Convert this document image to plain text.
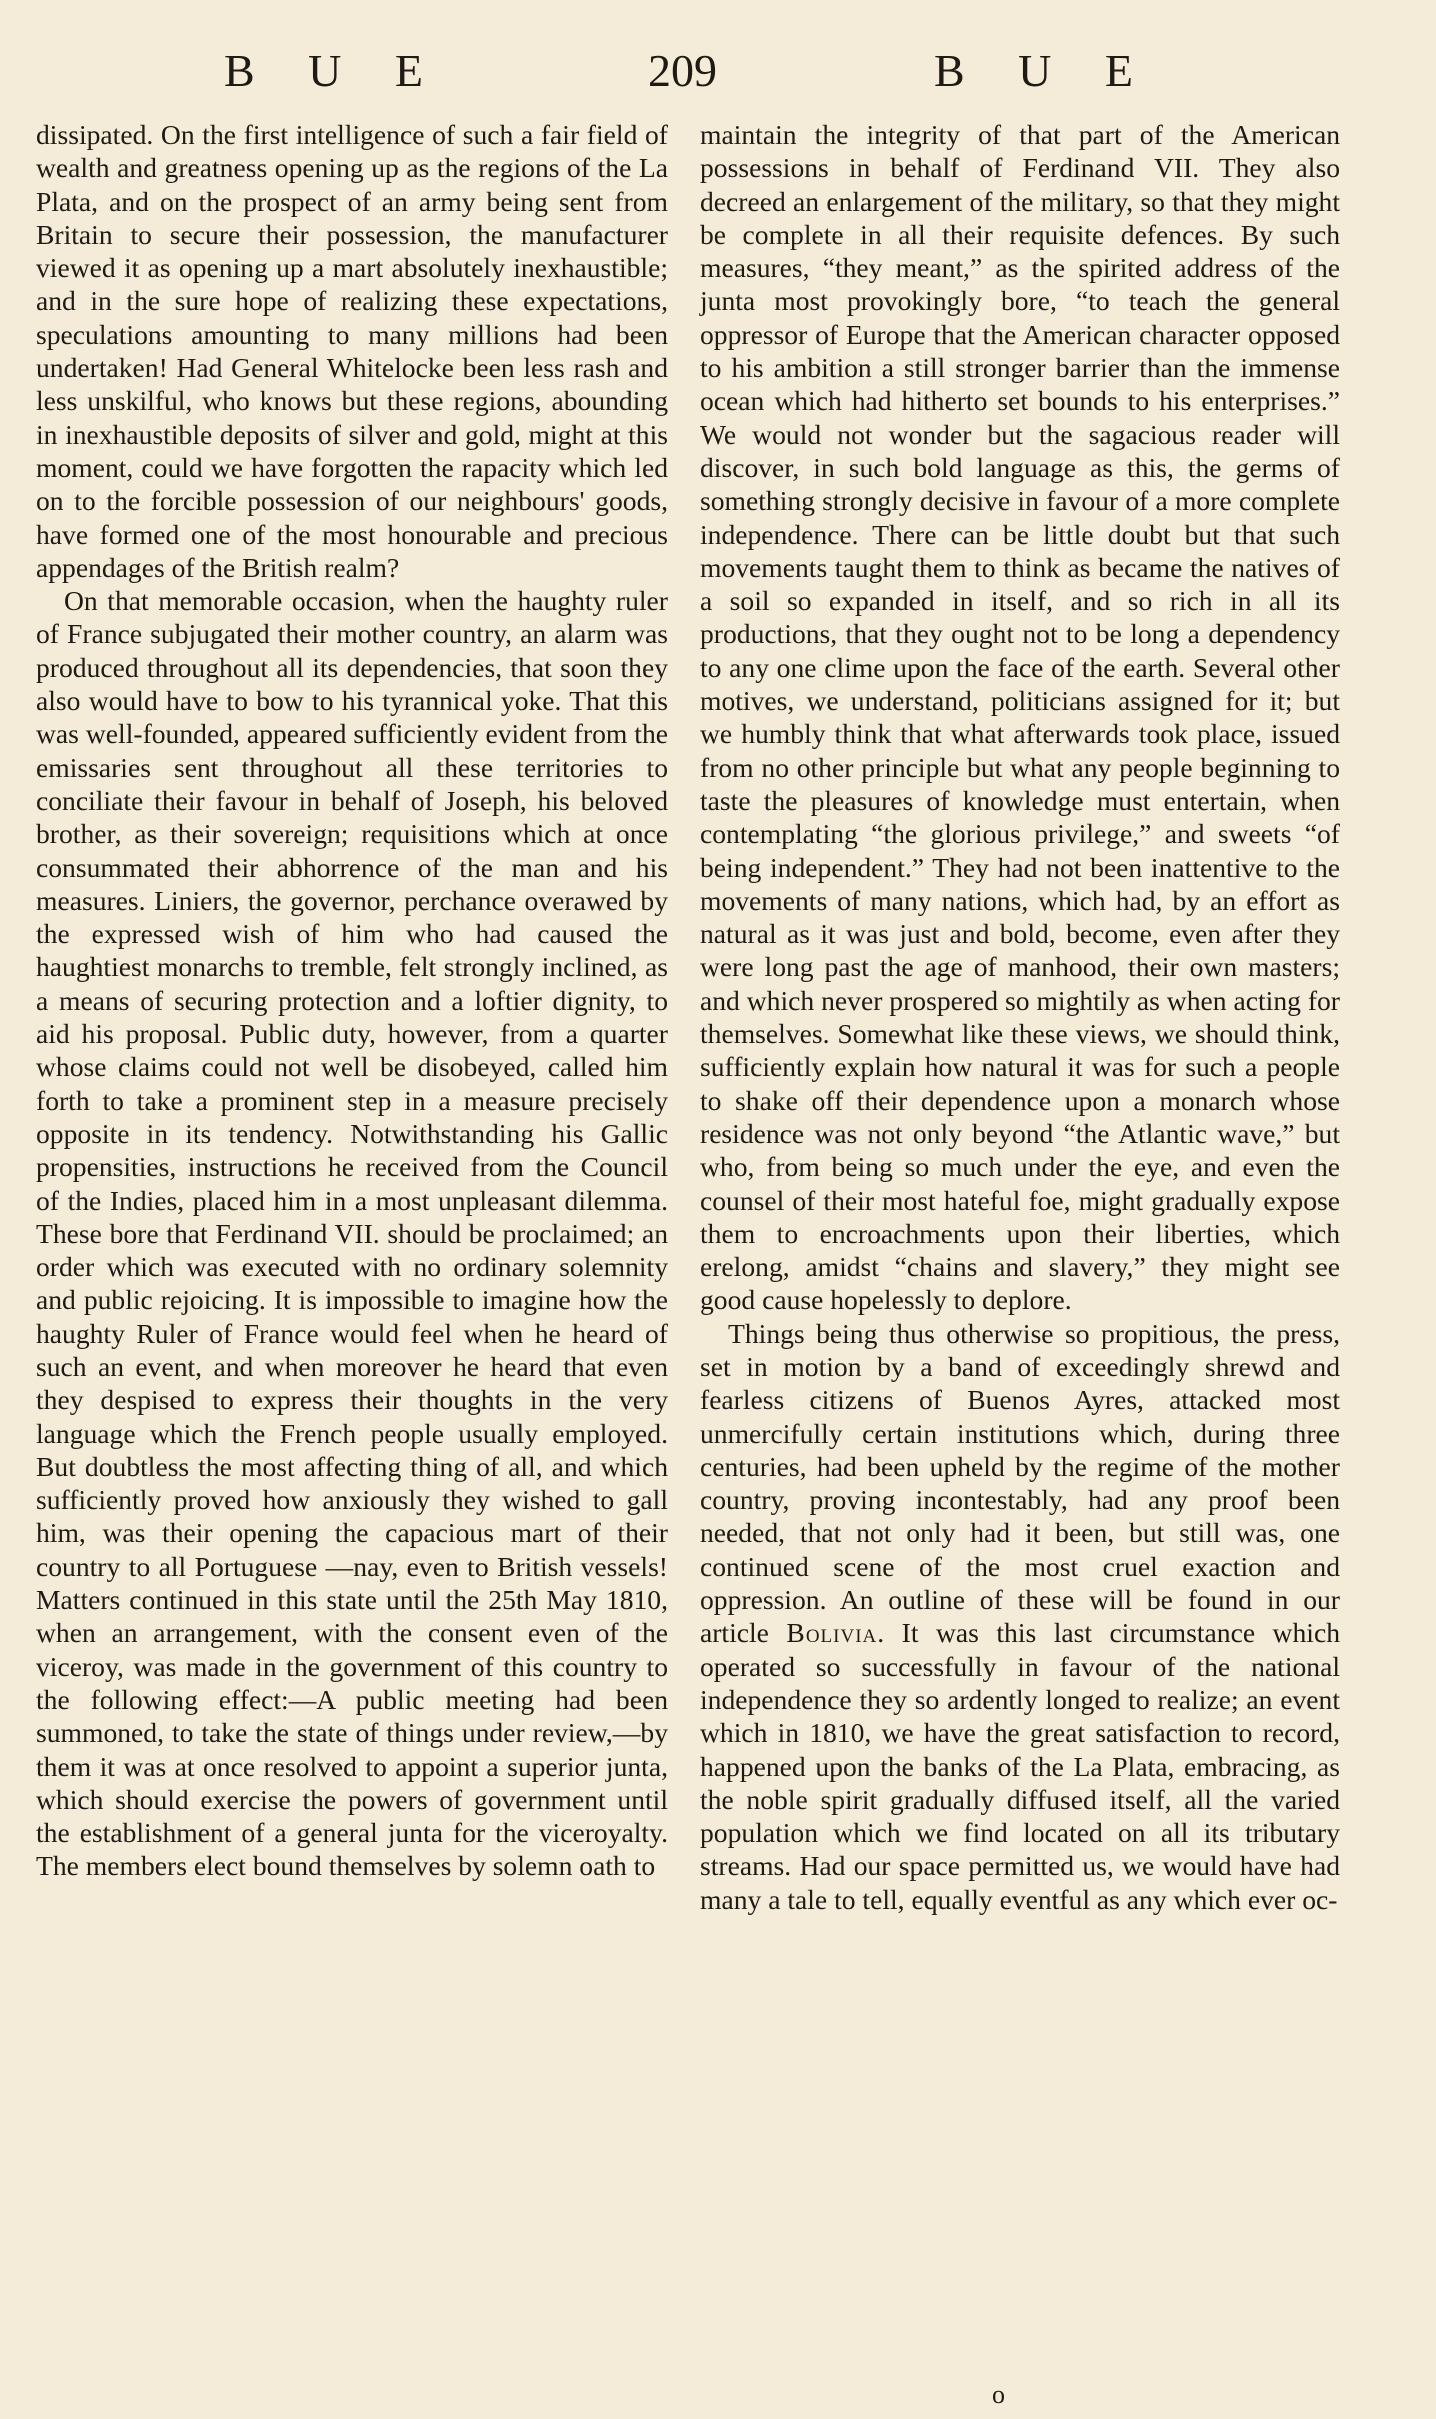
B U E	209	B U E

dissipated. On the first intelligence of such a fair field of wealth and greatness opening up as the regions of the La Plata, and on the prospect of an army being sent from Britain to secure their possession, the manufacturer viewed it as opening up a mart absolutely inexhaustible; and in the sure hope of realizing these expectations, speculations amounting to many millions had been undertaken! Had General Whitelocke been less rash and less unskilful, who knows but these regions, abounding in inexhaustible deposits of silver and gold, might at this moment, could we have forgotten the rapacity which led on to the forcible possession of our neighbours' goods, have formed one of the most honourable and precious appendages of the British realm?

On that memorable occasion, when the haughty ruler of France subjugated their mother country, an alarm was produced throughout all its dependencies, that soon they also would have to bow to his tyrannical yoke. That this was well-founded, appeared sufficiently evident from the emissaries sent throughout all these territories to conciliate their favour in behalf of Joseph, his beloved brother, as their sovereign; requisitions which at once consummated their abhorrence of the man and his measures. Liniers, the governor, perchance overawed by the expressed wish of him who had caused the haughtiest monarchs to tremble, felt strongly inclined, as a means of securing protection and a loftier dignity, to aid his proposal. Public duty, however, from a quarter whose claims could not well be disobeyed, called him forth to take a prominent step in a measure precisely opposite in its tendency. Notwithstanding his Gallic propensities, instructions he received from the Council of the Indies, placed him in a most unpleasant dilemma. These bore that Ferdinand VII. should be proclaimed; an order which was executed with no ordinary solemnity and public rejoicing. It is impossible to imagine how the haughty Ruler of France would feel when he heard of such an event, and when moreover he heard that even they despised to express their thoughts in the very language which the French people usually employed. But doubtless the most affecting thing of all, and which sufficiently proved how anxiously they wished to gall him, was their opening the capacious mart of their country to all Portuguese —nay, even to British vessels! Matters continued in this state until the 25th May 1810, when an arrangement, with the consent even of the viceroy, was made in the government of this country to the following effect:—A public meeting had been summoned, to take the state of things under review,—by them it was at once resolved to appoint a superior junta, which should exercise the powers of government until the establishment of a general junta for the viceroyalty. The members elect bound themselves by solemn oath to

maintain the integrity of that part of the American possessions in behalf of Ferdinand VII. They also decreed an enlargement of the military, so that they might be complete in all their requisite defences. By such measures, “they meant,” as the spirited address of the junta most provokingly bore, “to teach the general oppressor of Europe that the American character opposed to his ambition a still stronger barrier than the immense ocean which had hitherto set bounds to his enterprises.” We would not wonder but the sagacious reader will discover, in such bold language as this, the germs of something strongly decisive in favour of a more complete independence. There can be little doubt but that such movements taught them to think as became the natives of a soil so expanded in itself, and so rich in all its productions, that they ought not to be long a dependency to any one clime upon the face of the earth. Several other motives, we understand, politicians assigned for it; but we humbly think that what afterwards took place, issued from no other principle but what any people beginning to taste the pleasures of knowledge must entertain, when contemplating “the glorious privilege,” and sweets “of being independent.” They had not been inattentive to the movements of many nations, which had, by an effort as natural as it was just and bold, become, even after they were long past the age of manhood, their own masters; and which never prospered so mightily as when acting for themselves. Somewhat like these views, we should think, sufficiently explain how natural it was for such a people to shake off their dependence upon a monarch whose residence was not only beyond “the Atlantic wave,” but who, from being so much under the eye, and even the counsel of their most hateful foe, might gradually expose them to encroachments upon their liberties, which erelong, amidst “chains and slavery,” they might see good cause hopelessly to deplore.

Things being thus otherwise so propitious, the press, set in motion by a band of exceedingly shrewd and fearless citizens of Buenos Ayres, attacked most unmercifully certain institutions which, during three centuries, had been upheld by the regime of the mother country, proving incontestably, had any proof been needed, that not only had it been, but still was, one continued scene of the most cruel exaction and oppression. An outline of these will be found in our article Bolivia. It was this last circumstance which operated so successfully in favour of the national independence they so ardently longed to realize; an event which in 1810, we have the great satisfaction to record, happened upon the banks of the La Plata, embracing, as the noble spirit gradually diffused itself, all the varied population which we find located on all its tributary streams. Had our space permitted us, we would have had many a tale to tell, equally eventful as any which ever oc-

o
